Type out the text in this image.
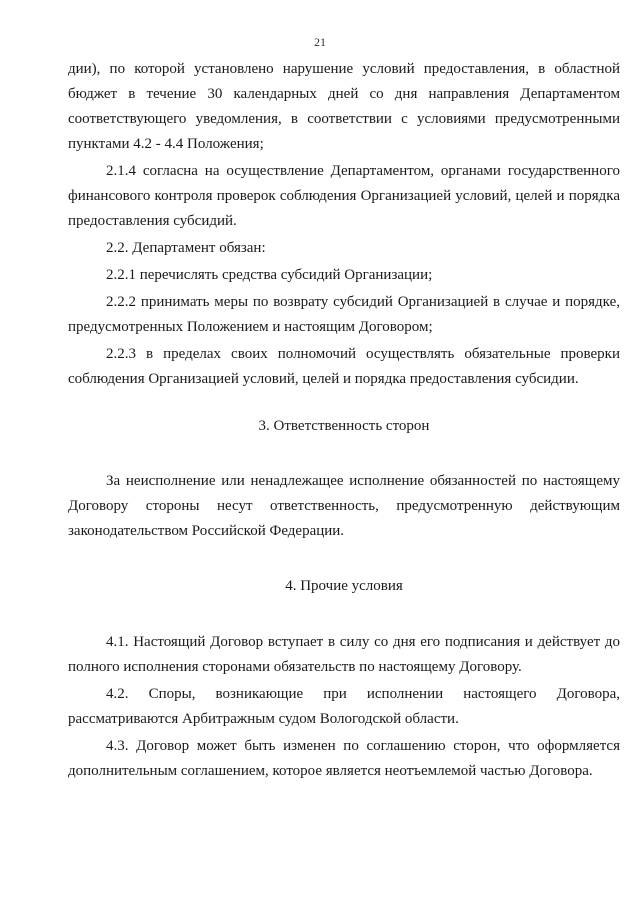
21

дии), по которой установлено нарушение условий предоставления, в областной бюджет в течение 30 календарных дней со дня направления Департаментом соответствующего уведомления, в соответствии с условиями предусмотренными пунктами 4.2 - 4.4 Положения;

2.1.4 согласна на осуществление Департаментом, органами государственного финансового контроля проверок соблюдения Организацией условий, целей и порядка предоставления субсидий.

2.2. Департамент обязан:

2.2.1 перечислять средства субсидий Организации;

2.2.2 принимать меры по возврату субсидий Организацией в случае и порядке, предусмотренных Положением и настоящим Договором;

2.2.3 в пределах своих полномочий осуществлять обязательные проверки соблюдения Организацией условий, целей и порядка предоставления субсидии.

3. Ответственность сторон

За неисполнение или ненадлежащее исполнение обязанностей по настоящему Договору стороны несут ответственность, предусмотренную действующим законодательством Российской Федерации.

4. Прочие условия

4.1. Настоящий Договор вступает в силу со дня его подписания и действует до полного исполнения сторонами обязательств по настоящему Договору.

4.2. Споры, возникающие при исполнении настоящего Договора, рассматриваются Арбитражным судом Вологодской области.

4.3. Договор может быть изменен по соглашению сторон, что оформляется дополнительным соглашением, которое является неотъемлемой частью Договора.
